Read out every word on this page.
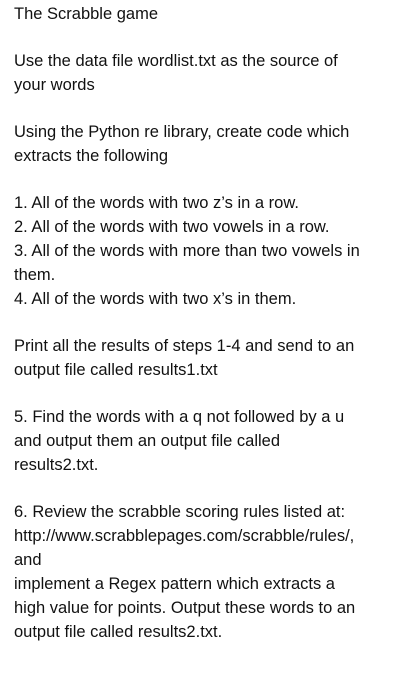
The Scrabble game
Use the data file wordlist.txt as the source of
your words
Using the Python re library, create code which
extracts the following
1. All of the words with two z’s in a row.
2. All of the words with two vowels in a row.
3. All of the words with more than two vowels in
them.
4. All of the words with two x’s in them.
Print all the results of steps 1-4 and send to an
output file called results1.txt
5. Find the words with a q not followed by a u
and output them an output file called
results2.txt.
6. Review the scrabble scoring rules listed at:
http://www.scrabblepages.com/scrabble/rules/,
and
implement a Regex pattern which extracts a
high value for points. Output these words to an
output file called results2.txt.
